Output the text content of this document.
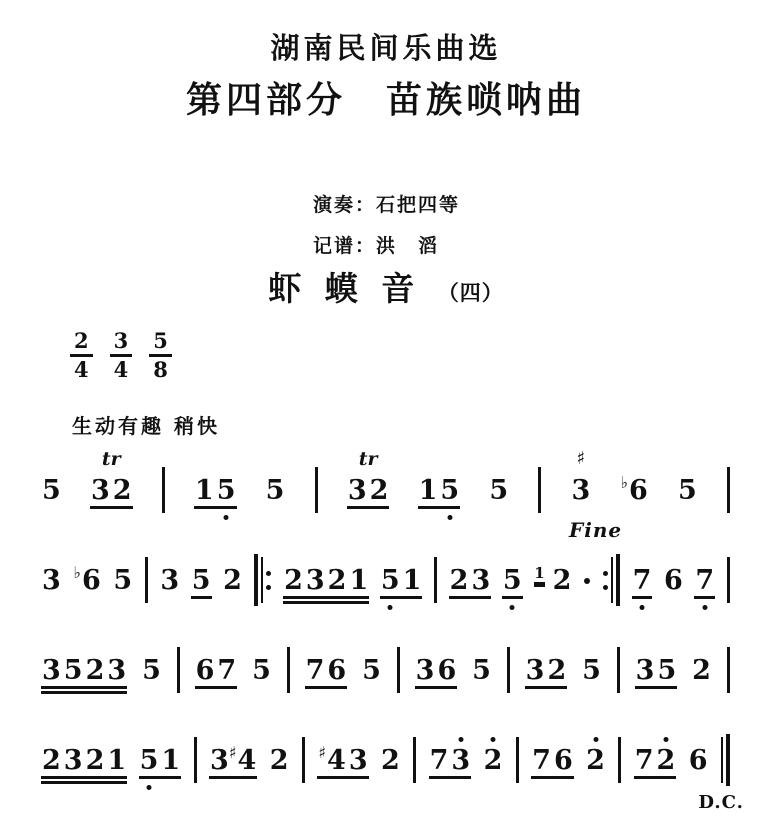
湖南民间乐曲选
第四部分　苗族唢呐曲
演奏：石把四等
记谱：洪　滔
虾 蟆 音 （四）
$\frac{2}{4} \frac{3}{4} \frac{5}{8}$
生动有趣 稍快
5
tr
3 2 1 5 5
tr
3 2 1 5 5
♯
3 ♭6 5
3 ♭6 5 3 5 2 2 3 2 1 5 1 2 3 5 1 2
Fine
7 6 7
3 5 2 3 5 6 7 5 7 6 5 3 6 5 3 2 5 3 5 2
2 3 2 1 5 1 3♯4 2 ♯4 3 2 7 3 2 7 6 2 7 2 6
D.C.
